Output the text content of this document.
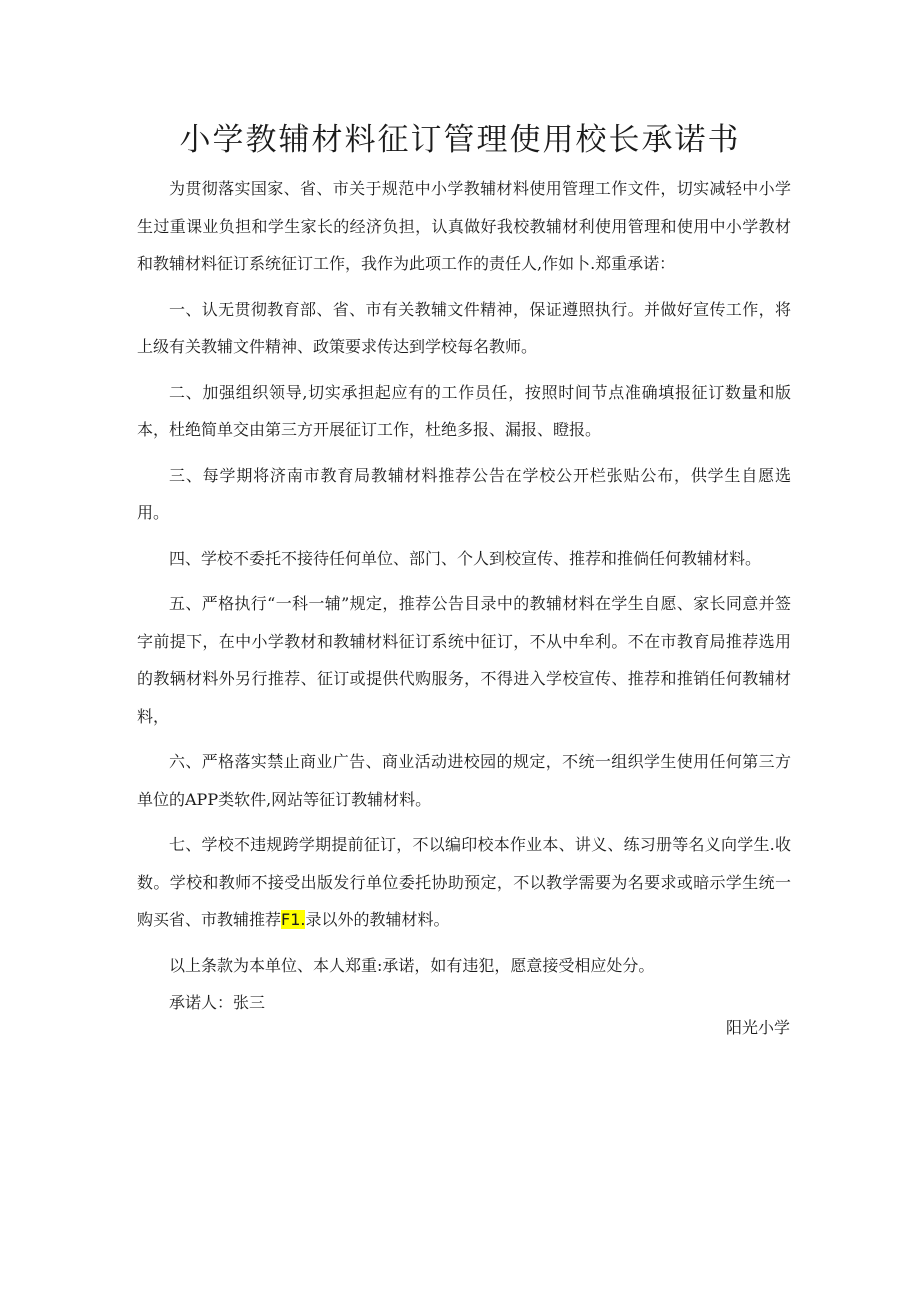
小学教辅材料征订管理使用校长承诺书

为贯彻落实国家、省、市关于规范中小学教辅材料使用管理工作文件，切实减轻中小学生过重课业负担和学生家长的经济负担，认真做好我校教辅材利使用管理和使用中小学教材和教辅材料征订系统征订工作，我作为此项工作的责任人,作如卜.郑重承诺：

一、认无贯彻教育部、省、市有关教辅文件精神，保证遵照执行。并做好宣传工作，将上级有关教辅文件精神、政策要求传达到学校每名教师。

二、加强组织领导,切实承担起应有的工作员任，按照时间节点准确填报征订数量和版本，杜绝简单交由第三方开展征订工作，杜绝多报、漏报、瞪报。

三、每学期将济南市教育局教辅材料推荐公告在学校公开栏张贴公布，供学生自愿选用。

四、学校不委托不接待任何单位、部门、个人到校宣传、推荐和推倘任何教辅材料。

五、严格执行“一科一辅”规定，推荐公告目录中的教辅材料在学生自愿、家长同意并签字前提下，在中小学教材和教辅材料征订系统中征订，不从中牟利。不在市教育局推荐选用的教辆材料外另行推荐、征订或提供代购服务，不得进入学校宣传、推荐和推销任何教辅材料，

六、严格落实禁止商业广告、商业活动进校园的规定，不统一组织学生使用任何第三方单位的APP类软件,网站等征订教辅材料。

七、学校不违规跨学期提前征订，不以编印校本作业本、讲义、练习册等名义向学生.收数。学校和教师不接受出版发行单位委托协助预定，不以教学需要为名要求或暗示学生统一购买省、市教辅推荐F1.录以外的教辅材料。

以上条款为本单位、本人郑重:承诺，如有违犯，愿意接受相应处分。

承诺人：张三

阳光小学
